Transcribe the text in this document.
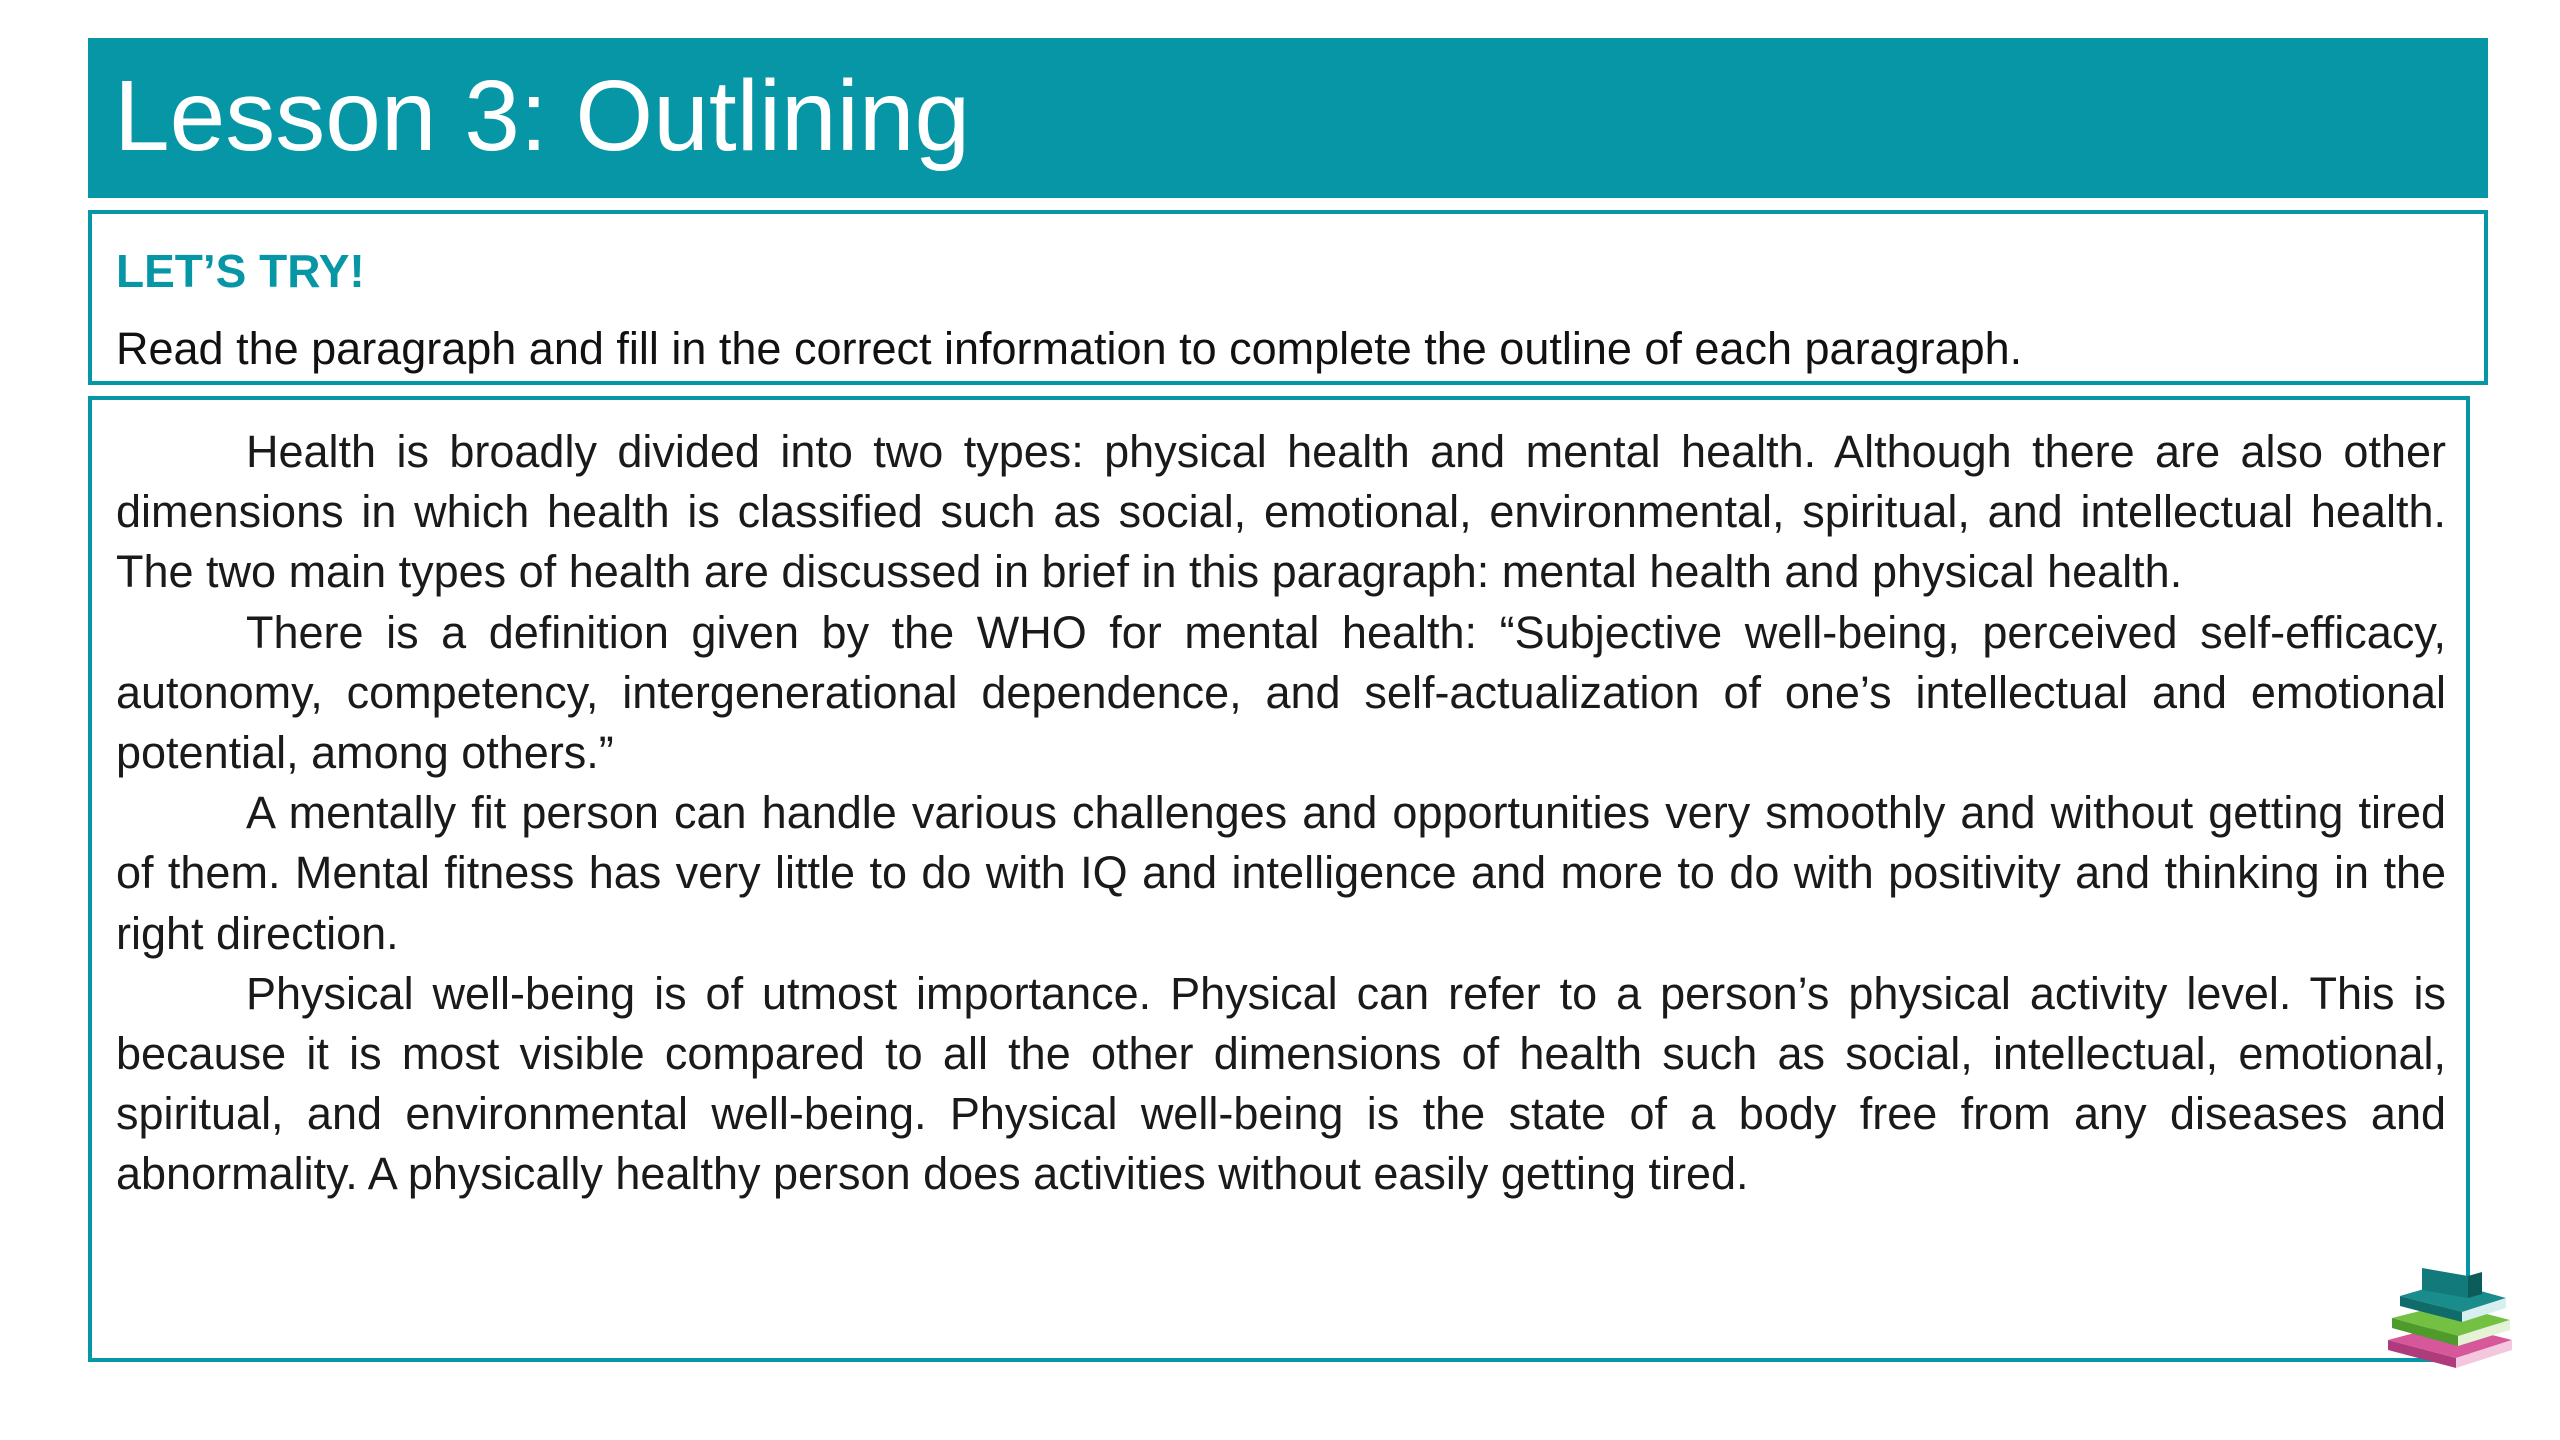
Lesson 3: Outlining
LET’S TRY!
Read the paragraph and fill in the correct information to complete the outline of each paragraph.

Health is broadly divided into two types: physical health and mental health. Although there are also other dimensions in which health is classified such as social, emotional, environmental, spiritual, and intellectual health. The two main types of health are discussed in brief in this paragraph: mental health and physical health.

There is a definition given by the WHO for mental health: “Subjective well-being, perceived self-efficacy, autonomy, competency, intergenerational dependence, and self-actualization of one’s intellectual and emotional potential, among others.”

A mentally fit person can handle various challenges and opportunities very smoothly and without getting tired of them. Mental fitness has very little to do with IQ and intelligence and more to do with positivity and thinking in the right direction.

Physical well-being is of utmost importance. Physical can refer to a person’s physical activity level. This is because it is most visible compared to all the other dimensions of health such as social, intellectual, emotional, spiritual, and environmental well-being. Physical well-being is the state of a body free from any diseases and abnormality. A physically healthy person does activities without easily getting tired.
